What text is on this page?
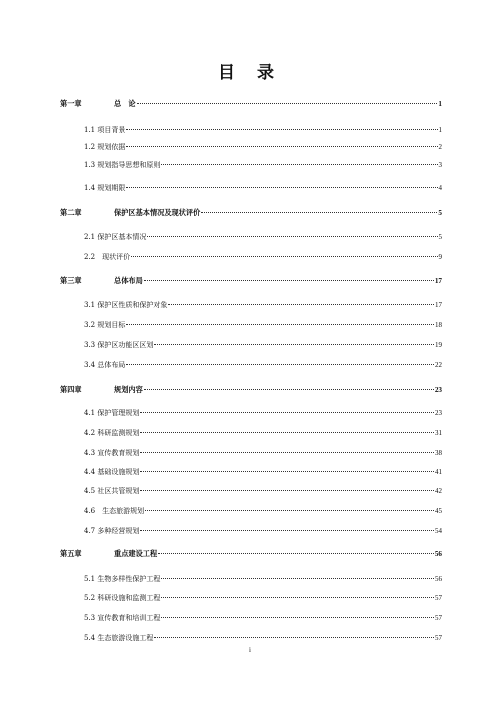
目 录
第一章	总　论	1
1.1 项目背景	1
1.2 规划依据	2
1.3 规划指导思想和原则	3
1.4 规划期限	4
第二章	保护区基本情况及现状评价	5
2.1 保护区基本情况	5
2.2　现状评价	9
第三章	总体布局	17
3.1 保护区性质和保护对象	17
3.2 规划目标	18
3.3 保护区功能区区划	19
3.4 总体布局	22
第四章	规划内容	23
4.1 保护管理规划	23
4.2 科研监测规划	31
4.3 宣传教育规划	38
4.4 基础设施规划	41
4.5 社区共管规划	42
4.6　生态旅游规划	45
4.7 多种经营规划	54
第五章	重点建设工程	56
5.1 生物多样性保护工程	56
5.2 科研设施和监测工程	57
5.3 宣传教育和培训工程	57
5.4 生态旅游设施工程	57
i
